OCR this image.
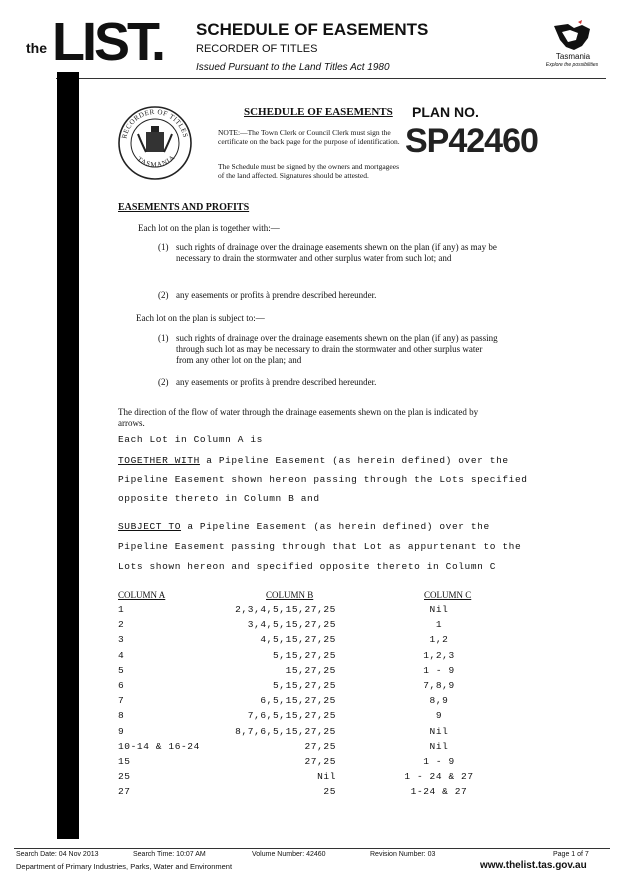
the LIST. SCHEDULE OF EASEMENTS
RECORDER OF TITLES
Issued Pursuant to the Land Titles Act 1980
Tasmania
Explore the possibilities
RECORDER OF TITLES
TASMANIA
SCHEDULE OF EASEMENTS PLAN NO.
SP42460
NOTE:—The Town Clerk or Council Clerk must sign the certificate on the back page for the purpose of identification.
The Schedule must be signed by the owners and mortgagees of the land affected. Signatures should be attested.
EASEMENTS AND PROFITS
Each lot on the plan is together with:—
(1) such rights of drainage over the drainage easements shewn on the plan (if any) as may be necessary to drain the stormwater and other surplus water from such lot; and
(2) any easements or profits à prendre described hereunder.
Each lot on the plan is subject to:—
(1) such rights of drainage over the drainage easements shewn on the plan (if any) as passing through such lot as may be necessary to drain the stormwater and other surplus water from any other lot on the plan; and
(2) any easements or profits à prendre described hereunder.
The direction of the flow of water through the drainage easements shewn on the plan is indicated by arrows.
Each Lot in Column A is
TOGETHER WITH a Pipeline Easement (as herein defined) over the
Pipeline Easement shown hereon passing through the Lots specified
opposite thereto in Column B and
SUBJECT TO a Pipeline Easement (as herein defined) over the
Pipeline Easement passing through that Lot as appurtenant to the
Lots shown hereon and specified opposite thereto in Column C
COLUMN A	COLUMN B	COLUMN C
1	2,3,4,5,15,27,25	Nil
2	3,4,5,15,27,25	1
3	4,5,15,27,25	1,2
4	5,15,27,25	1,2,3
5	15,27,25	1 - 9
6	5,15,27,25	7,8,9
7	6,5,15,27,25	8,9
8	7,6,5,15,27,25	9
9	8,7,6,5,15,27,25	Nil
10-14 & 16-24	27,25	Nil
15	27,25	1 - 9
25	Nil	1 - 24 & 27
27	25	1-24 & 27
Search Date: 04 Nov 2013	Search Time: 10:07 AM	Volume Number: 42460	Revision Number: 03	Page 1 of 7
Department of Primary Industries, Parks, Water and Environment	www.thelist.tas.gov.au
